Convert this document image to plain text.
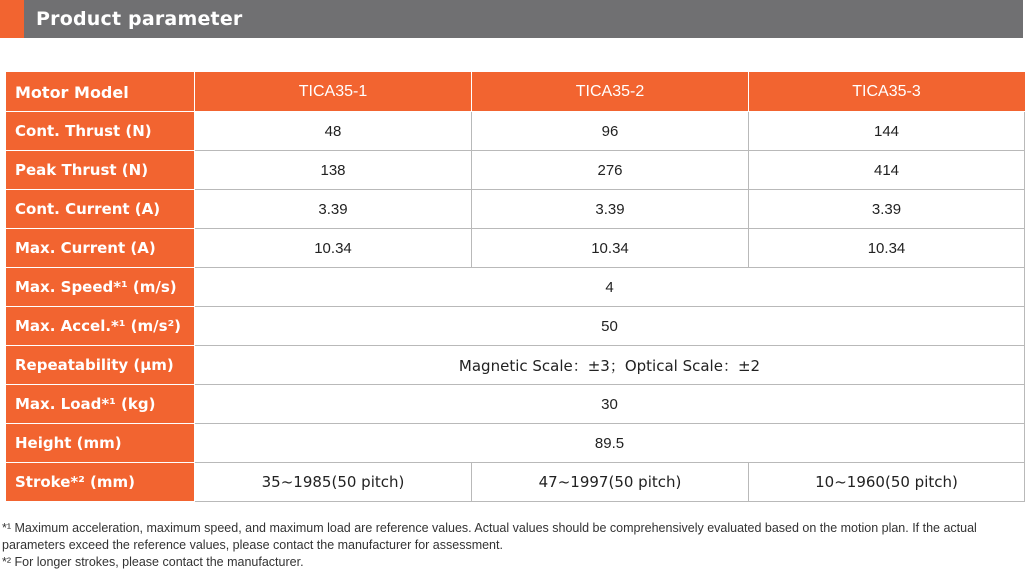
Product parameter
Motor Model	TICA35-1	TICA35-2	TICA35-3
Cont. Thrust (N)	48	96	144
Peak Thrust (N)	138	276	414
Cont. Current (A)	3.39	3.39	3.39
Max. Current (A)	10.34	10.34	10.34
Max. Speed*¹ (m/s)	4		
Max. Accel.*¹ (m/s²)	50		
Repeatability (µm)	Magnetic Scale：±3；Optical Scale：±2		
Max. Load*¹ (kg)	30		
Height (mm)	89.5		
Stroke*² (mm)	35~1985(50 pitch)	47~1997(50 pitch)	10~1960(50 pitch)

*¹ Maximum acceleration, maximum speed, and maximum load are reference values. Actual values should be comprehensively evaluated based on the motion plan. If the actual parameters exceed the reference values, please contact the manufacturer for assessment.

*² For longer strokes, please contact the manufacturer.
